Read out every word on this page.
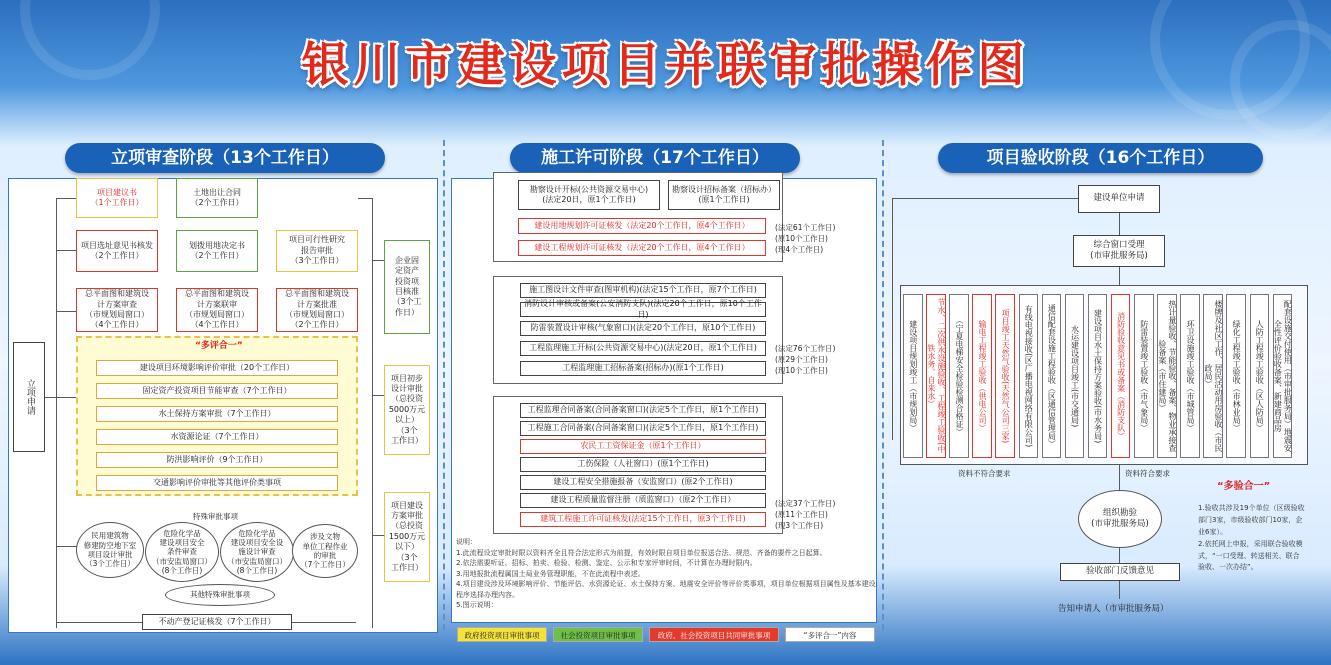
银川市建设项目并联审批操作图
立项审查阶段（13个工作日）	施工许可阶段（17个工作日）	项目验收阶段（16个工作日）
立项申请
项目建议书
（1个工作日）
土地出让合同
（2个工作日）
项目选址意见书核发
（2个工作日）
划拨用地决定书
（2个工作日）
项目可行性研究报告审批
（3个工作日）
总平面图和建筑设计方案审查
（市规划局窗口）
（4个工作日）
总平面图和建筑设计方案联审
（市规划局窗口）
（4个工作日）
总平面图和建筑设计方案批准
（市规划局窗口）
（2个工作日）
“多评合一”
建设项目环境影响评价审批（20个工作日）
固定资产投资项目节能审查（7个工作日）
水土保持方案审批（7个工作日）
水资源论证（7个工作日）
防洪影响评价（9个工作日）
交通影响评价审批等其他评价类事项
特殊审批事项
民用建筑物
修建防空地下室
项目设计审批
（3个工作日）
危险化学品
建设项目安全
条件审查
（市安监局窗口）
(8个工作日)
危险化学品
建设项目安全设
施设计审查
（市安监局窗口）
(8个工作日)
涉及文物
单位工程作业
的审批
（7个工作日）
其他特殊审批事项
不动产登记证核发（7个工作日）
企业固
定资产
投资项
目核准
（3个工
作日）
项目初步
设计审批
（总投资
5000万元
以上）
（3个
工作日）
项目建设
方案审批
（总投资
1500万元
以下）
（3个
工作日）
勘察设计开标(公共资源交易中心)
(法定20日，原1个工作日)
勘察设计招标备案（招标办）
(原1个工作日)
建设用地规划许可证核发（法定20个工作日，原4个工作日）
建设工程规划许可证核发（法定20个工作日，原4个工作日）
(法定61个工作日)
(原10个工作日)
(现4个工作日)
施工图设计文件审查(图审机构)(法定15个工作日，原7个工作日)
消防设计审核或备案(公安消防支队)(法定20个工作日，原10个工作日)
防雷装置设计审核(气象窗口)(法定20个工作日，原10个工作日)
工程监理施工开标(公共资源交易中心)(法定20日，原1个工作日)
工程监理施工招标备案(招标办)(原1个工作日)
(法定76个工作日)
(原29个工作日)
(现10个工作日)
工程监理合同备案(合同备案窗口)(法定5个工作日，原1个工作日)
工程施工合同备案(合同备案窗口)(法定5个工作日，原1个工作日)
农民工工资保证金（原1个工作日）
工伤保险（人社窗口）(原1个工作日)
建设工程安全措施报备（安监窗口）(原2个工作日)
建设工程质量监督注册（质监窗口）（原2个工作日）
建筑工程施工许可证核发(法定15个工作日，原3个工作日)
(法定37个工作日)
(原11个工作日)
(现3个工作日)
说明：
1.此流程设定审批时限以资料齐全且符合法定形式为前提，有效时限自项目单位报送合法、规范、齐备的要件之日起算。
2.依法需要听证、招标、拍卖、检验、检测、鉴定、公示和专家评审时间，不计算在办理时限内。
3.用地报批流程属国土局业务管理职能，不在此流程中表述。
4.项目建设涉及环境影响评价、节能评估、水资源论证、水土保持方案、地震安全评价等评价类事项，项目单位根据项目属性及基本建设程序选择办理内容。
5.图示说明：
政府投资项目审批事项	社会投资项目审批事项	政府、社会投资项目共同审批事项	“多评合一”内容
建设单位申请
综合窗口受理
(市审批服务局)
建设项目规划竣工（市规划局）	节水、二次供水设施验收、工程竣工验收(中铁水务、自来水）	（宁夏电梯安全检验检测合格证） 输电工程竣工验收（供电公司） 项目竣工天然气验收(天然气公司三家) 有线电视接收(区广播电视网络有限公司) 通信配套设施工程验收（区通信管理局） 水运建设项目竣工(市交通局) 建设项目水土保持方案验收(市水务局) 消防验收意见书或备案（消防支队） 防雷装置竣工验收（市气象局）	热计量验收、节能验收、备案、物业承接查验备案（市住建局）	环卫设施竣工验收（市城管局）	楼牌及社区工作、居民活动用房验收（市民政局）	绿化工程竣工验收（市林业局） 人防工程竣工验收（区人防局）	配套设施交付使用（市审批服务局）地震安全性评价验收备案、新建商品房
资料不符合要求	资料符合要求
组织勘验
(市审批服务局)
验收部门反馈意见
告知申请人（市审批服务局）
“多验合一”
1.验收共涉及19个单位（区级验收部门3家，市级验收部门10家，企业6家）。
2.依托网上申报，采用联合验收模式，“一口受理、转送相关、联合验收、一次办结”。
